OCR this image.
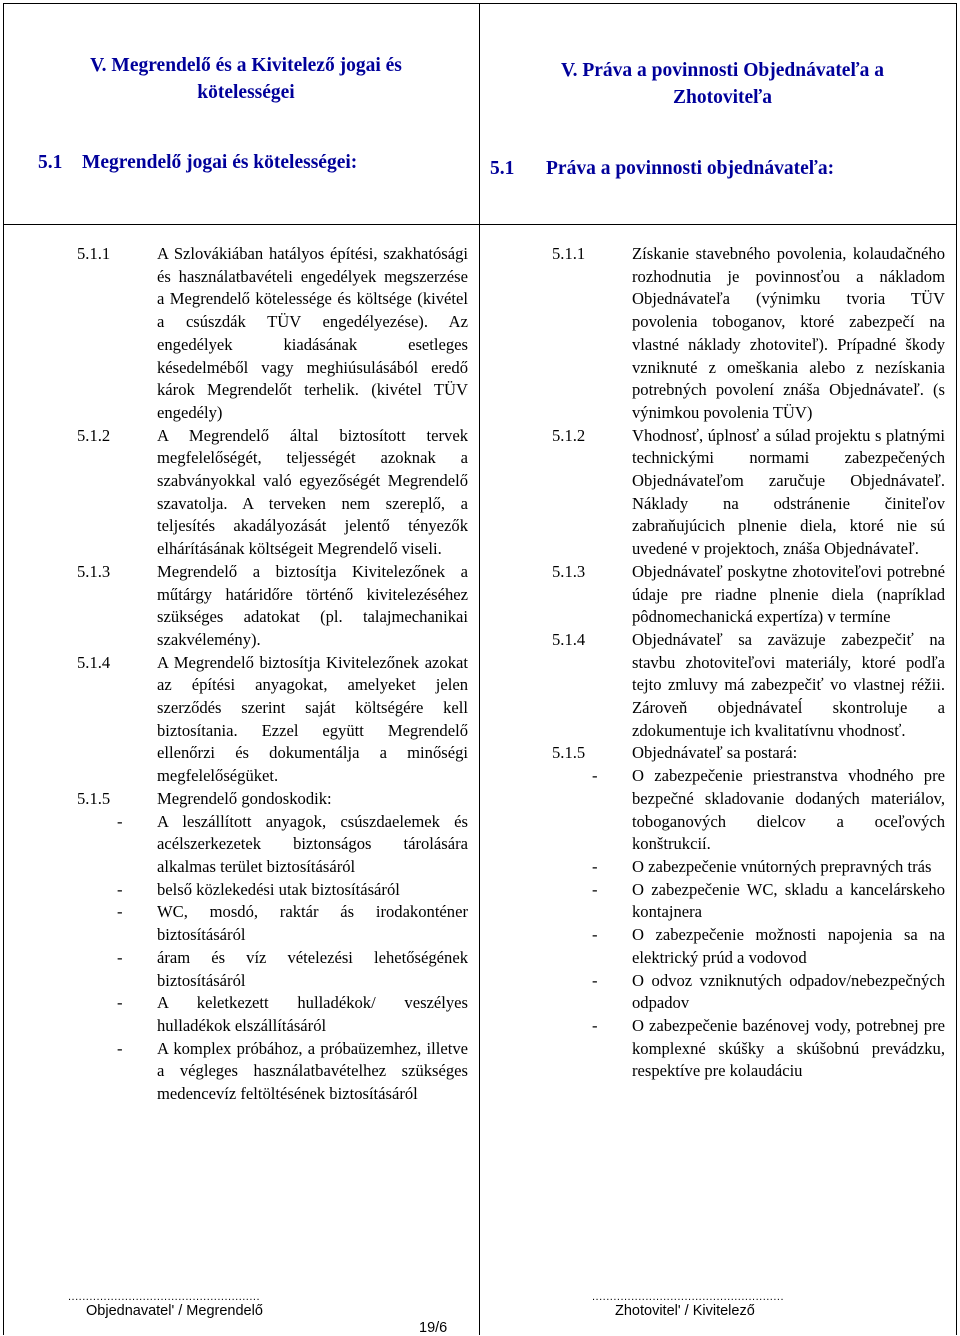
V. Megrendelő és a Kivitelező jogai és kötelességei
5.1 Megrendelő jogai és kötelességei:
V. Práva a povinnosti Objednávateľa a Zhotoviteľa
5.1 Práva a povinnosti objednávateľa:
5.1.1	A Szlovákiában hatályos építési, szakhatósági és használatbavételi engedélyek megszerzése a Megrendelő kötelessége és költsége (kivétel a csúszdák TÜV engedélyezése). Az engedélyek kiadásának esetleges késedelméből vagy meghiúsulásából eredő károk Megrendelőt terhelik. (kivétel TÜV engedély)
5.1.2	A Megrendelő által biztosított tervek megfelelőségét, teljességét azoknak a szabványokkal való egyezőségét Megrendelő szavatolja. A terveken nem szereplő, a teljesítés akadályozását jelentő tényezők elhárításának költségeit Megrendelő viseli.
5.1.3	Megrendelő a biztosítja Kivitelezőnek a műtárgy határidőre történő kivitelezéséhez szükséges adatokat (pl. talajmechanikai szakvélemény).
5.1.4	A Megrendelő biztosítja Kivitelezőnek azokat az építési anyagokat, amelyeket jelen szerződés szerint saját költségére kell biztosítania. Ezzel együtt Megrendelő ellenőrzi és dokumentálja a minőségi megfelelőségüket.
5.1.5	Megrendelő gondoskodik:
- A leszállított anyagok, csúszdaelemek és acélszerkezetek biztonságos tárolására alkalmas terület biztosításáról
- belső közlekedési utak biztosításáról
- WC, mosdó, raktár ás irodakonténer biztosításáról
- áram és víz vételezési lehetőségének biztosításáról
- A keletkezett hulladékok/ veszélyes hulladékok elszállításáról
- A komplex próbához, a próbaüzemhez, illetve a végleges használatbavételhez szükséges medencevíz feltöltésének biztosításáról
5.1.1	Získanie stavebného povolenia, kolaudačného rozhodnutia je povinnosťou a nákladom Objednávateľa (výnimku tvoria TÜV povolenia toboganov, ktoré zabezpečí na vlastné náklady zhotoviteľ). Prípadné škody vzniknuté z omeškania alebo z nezískania potrebných povolení znáša Objednávateľ. (s výnimkou povolenia TÜV)
5.1.2	Vhodnosť, úplnosť a súlad projektu s platnými technickými normami zabezpečených Objednávateľom zaručuje Objednávateľ. Náklady na odstránenie činiteľov zabraňujúcich plnenie diela, ktoré nie sú uvedené v projektoch, znáša Objednávateľ.
5.1.3	Objednávateľ poskytne zhotoviteľovi potrebné údaje pre riadne plnenie diela (napríklad pôdnomechanická expertíza) v termíne
5.1.4	Objednávateľ sa zaväzuje zabezpečiť na stavbu zhotoviteľovi materiály, ktoré podľa tejto zmluvy má zabezpečiť vo vlastnej réžii. Zároveň objednávateĺ skontroluje a zdokumentuje ich kvalitatívnu vhodnosť.
5.1.5	Objednávateľ sa postará:
- O zabezpečenie priestranstva vhodného pre bezpečné skladovanie dodaných materiálov, toboganových dielcov a oceľových konštrukcií.
- O zabezpečenie vnútorných prepravných trás
- O zabezpečenie WC, skladu a kancelárskeho kontajnera
- O zabezpečenie možnosti napojenia sa na elektrický prúd a vodovod
- O odvoz vzniknutých odpadov/nebezpečných odpadov
- O zabezpečenie bazénovej vody, potrebnej pre komplexné skúšky a skúšobnú prevádzku, respektíve pre kolaudáciu
......................................................
Objednavatel' / Megrendelő
......................................................
Zhotovitel' / Kivitelező
19/6
